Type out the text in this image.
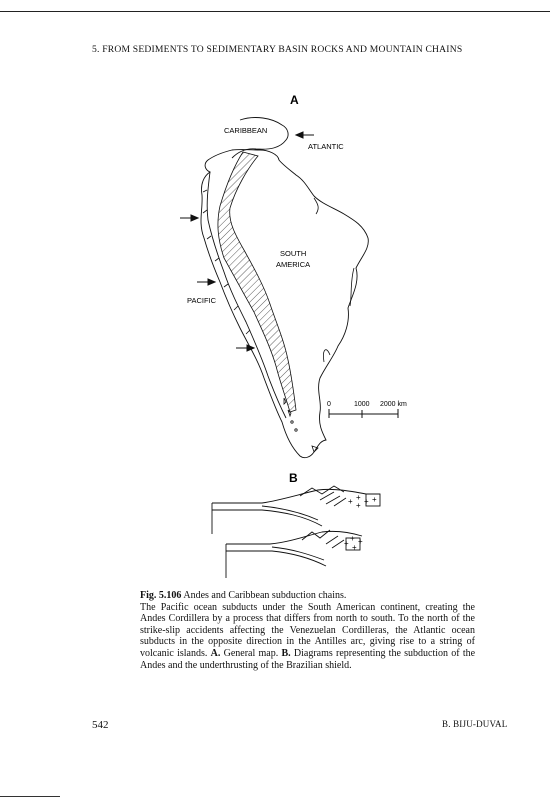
5. FROM SEDIMENTS TO SEDIMENTARY BASIN ROCKS AND MOUNTAIN CHAINS
A
CARIBBEAN
ATLANTIC
SOUTH
AMERICA
PACIFIC
0	1000 2000 km
B
+ + +
+
+
+
+
+
+

Fig. 5.106 Andes and Caribbean subduction chains.

The Pacific ocean subducts under the South American continent, creating the Andes Cordillera by a process that differs from north to south. To the north of the strike-slip accidents affecting the Venezuelan Cordilleras, the Atlantic ocean subducts in the opposite direction in the Antilles arc, giving rise to a string of volcanic islands. A. General map. B. Diagrams representing the subduction of the Andes and the underthrusting of the Brazilian shield.

542	B. BIJU-DUVAL
